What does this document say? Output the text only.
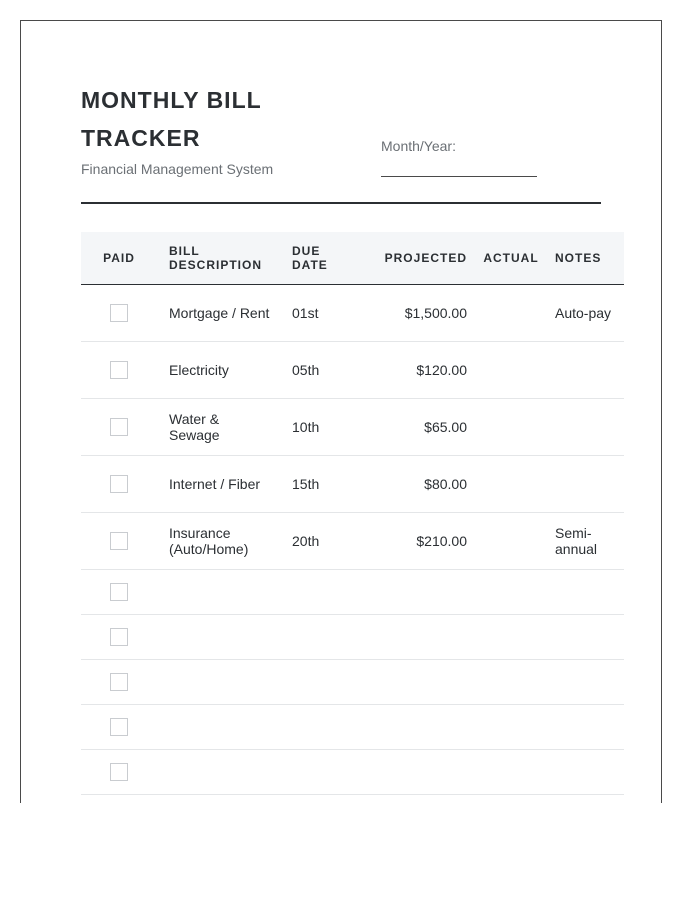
MONTHLY BILL TRACKER
Financial Management System
Month/Year:
PAID	BILL DESCRIPTION	DUE DATE	PROJECTED	ACTUAL	NOTES
	Mortgage / Rent	01st	$1,500.00		Auto-pay
	Electricity	05th	$120.00		
	Water & Sewage	10th	$65.00		
	Internet / Fiber	15th	$80.00		
	Insurance (Auto/Home)	20th	$210.00		Semi-annual
